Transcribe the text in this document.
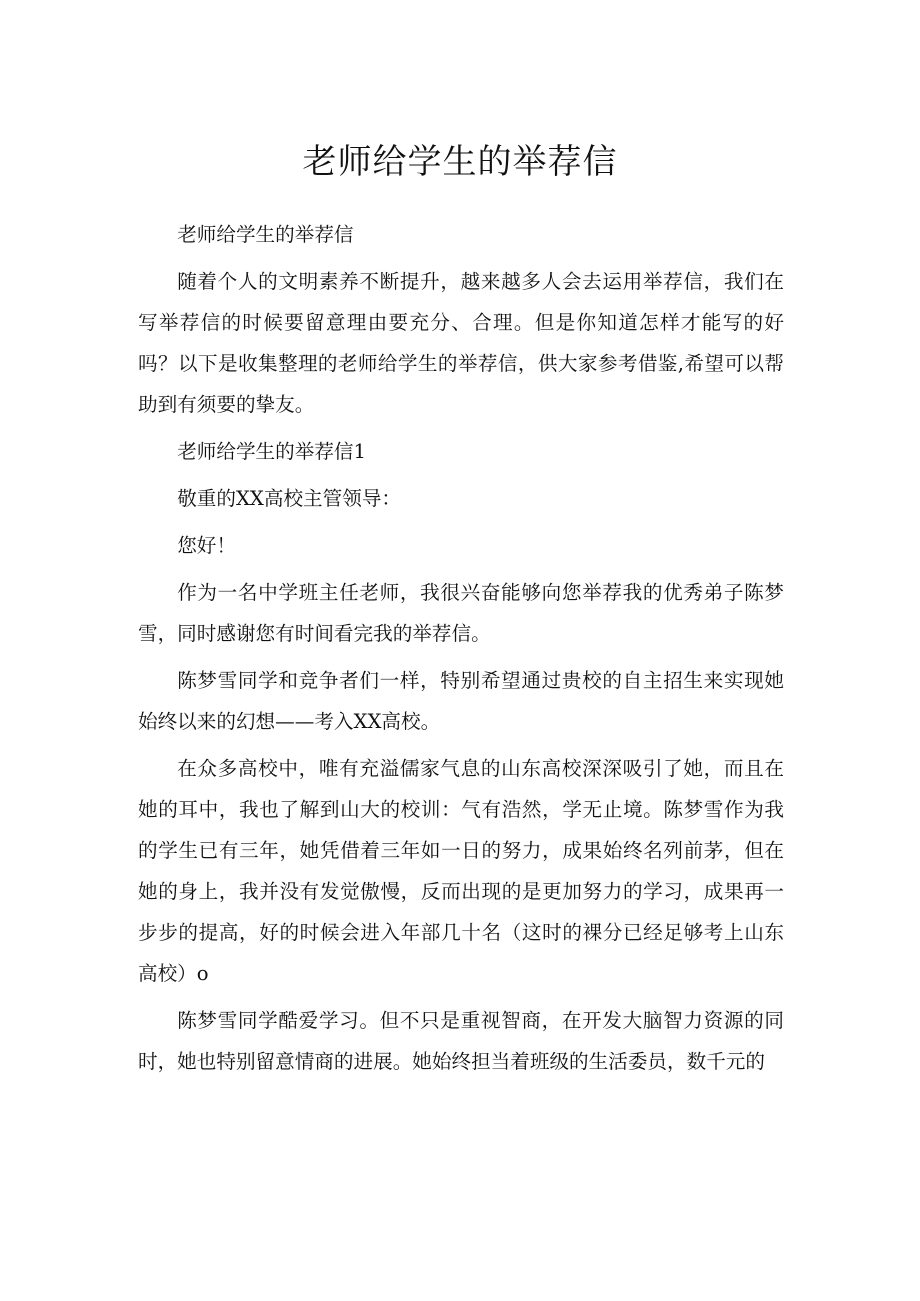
老师给学生的举荐信

老师给学生的举荐信

随着个人的文明素养不断提升，越来越多人会去运用举荐信，我们在写举荐信的时候要留意理由要充分、合理。但是你知道怎样才能写的好吗？以下是收集整理的老师给学生的举荐信，供大家参考借鉴,希望可以帮助到有须要的挚友。

老师给学生的举荐信1

敬重的XX高校主管领导：

您好！

作为一名中学班主任老师，我很兴奋能够向您举荐我的优秀弟子陈梦雪，同时感谢您有时间看完我的举荐信。

陈梦雪同学和竞争者们一样，特别希望通过贵校的自主招生来实现她始终以来的幻想——考入XX高校。

在众多高校中，唯有充溢儒家气息的山东高校深深吸引了她，而且在她的耳中，我也了解到山大的校训：气有浩然，学无止境。陈梦雪作为我的学生已有三年，她凭借着三年如一日的努力，成果始终名列前茅，但在她的身上，我并没有发觉傲慢，反而出现的是更加努力的学习，成果再一步步的提高，好的时候会进入年部几十名（这时的裸分已经足够考上山东高校）o

陈梦雪同学酷爱学习。但不只是重视智商，在开发大脑智力资源的同时，她也特别留意情商的进展。她始终担当着班级的生活委员，数千元的
